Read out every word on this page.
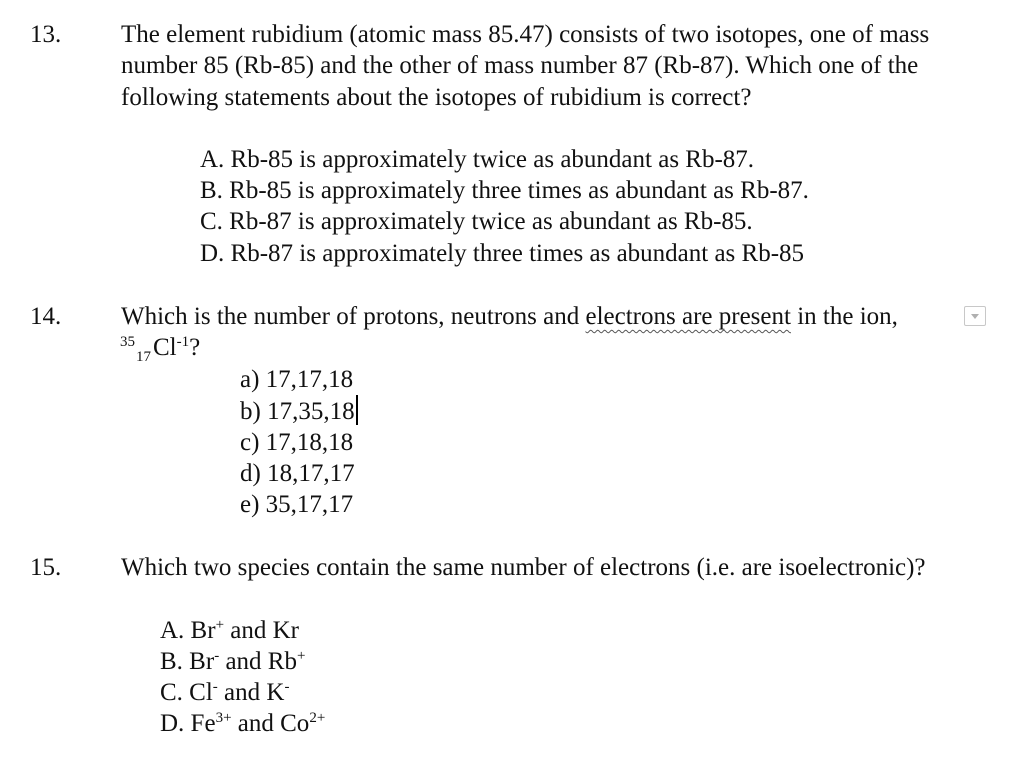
13. The element rubidium (atomic mass 85.47) consists of two isotopes, one of mass
number 85 (Rb-85) and the other of mass number 87 (Rb-87). Which one of the
following statements about the isotopes of rubidium is correct?
A. Rb-85 is approximately twice as abundant as Rb-87.
B. Rb-85 is approximately three times as abundant as Rb-87.
C. Rb-87 is approximately twice as abundant as Rb-85.
D. Rb-87 is approximately three times as abundant as Rb-85
14. Which is the number of protons, neutrons and electrons are present in the ion,
35
17 $Cl^{-1}$?
a) 17,17,18
b) 17,35,18
c) 17,18,18
d) 18,17,17
e) 35,17,17
15. Which two species contain the same number of electrons (i.e. are isoelectronic)?
A. Br+ and Kr
B. Br- and Rb+
C. Cl- and K-
D. $Fe^{3+}$ and $Co^{2+}$
